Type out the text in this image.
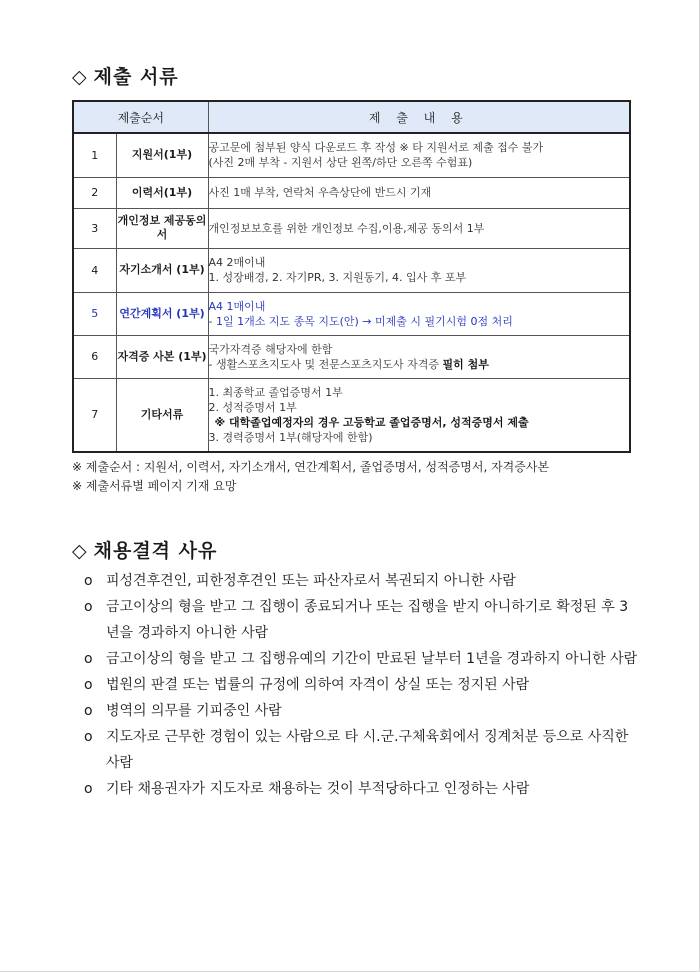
◇ 제출 서류
제출순서		제 출 내 용
1	지원서(1부)	공고문에 첨부된 양식 다운로드 후 작성 ※ 타 지원서로 제출 접수 불가
(사진 2매 부착 - 지원서 상단 왼쪽/하단 오른쪽 수험표)

2	이력서(1부)	사진 1매 부착, 연락처 우측상단에 반드시 기재

3	개인정보 제공동의서	개인정보보호를 위한 개인정보 수집,이용,제공 동의서 1부

4	자기소개서 (1부)	A4 2매이내
1. 성장배경, 2. 자기PR, 3. 지원동기, 4. 입사 후 포부

5	연간계획서 (1부)	A4 1매이내
- 1일 1개소 지도 종목 지도(안) → 미제출 시 필기시험 0점 처리

6	자격증 사본 (1부)	국가자격증 해당자에 한함
- 생활스포츠지도사 및 전문스포츠지도사 자격증 필히 첨부

7	기타서류	1. 최종학교 졸업증명서 1부
2. 성적증명서 1부
※ 대학졸업예정자의 경우 고등학교 졸업증명서, 성적증명서 제출
3. 경력증명서 1부(해당자에 한함)
※ 제출순서 : 지원서, 이력서, 자기소개서, 연간계획서, 졸업증명서, 성적증명서, 자격증사본
※ 제출서류별 페이지 기재 요망
◇ 채용결격 사유
o 피성견후견인, 피한정후견인 또는 파산자로서 복권되지 아니한 사람
o 금고이상의 형을 받고 그 집행이 종료되거나 또는 집행을 받지 아니하기로 확정된 후 3년을 경과하지 아니한 사람
o 금고이상의 형을 받고 그 집행유예의 기간이 만료된 날부터 1년을 경과하지 아니한 사람
o 법원의 판결 또는 법률의 규정에 의하여 자격이 상실 또는 정지된 사람
o 병역의 의무를 기피중인 사람
o 지도자로 근무한 경험이 있는 사람으로 타 시.군.구체육회에서 징계처분 등으로 사직한 사람
o 기타 채용권자가 지도자로 채용하는 것이 부적당하다고 인정하는 사람
